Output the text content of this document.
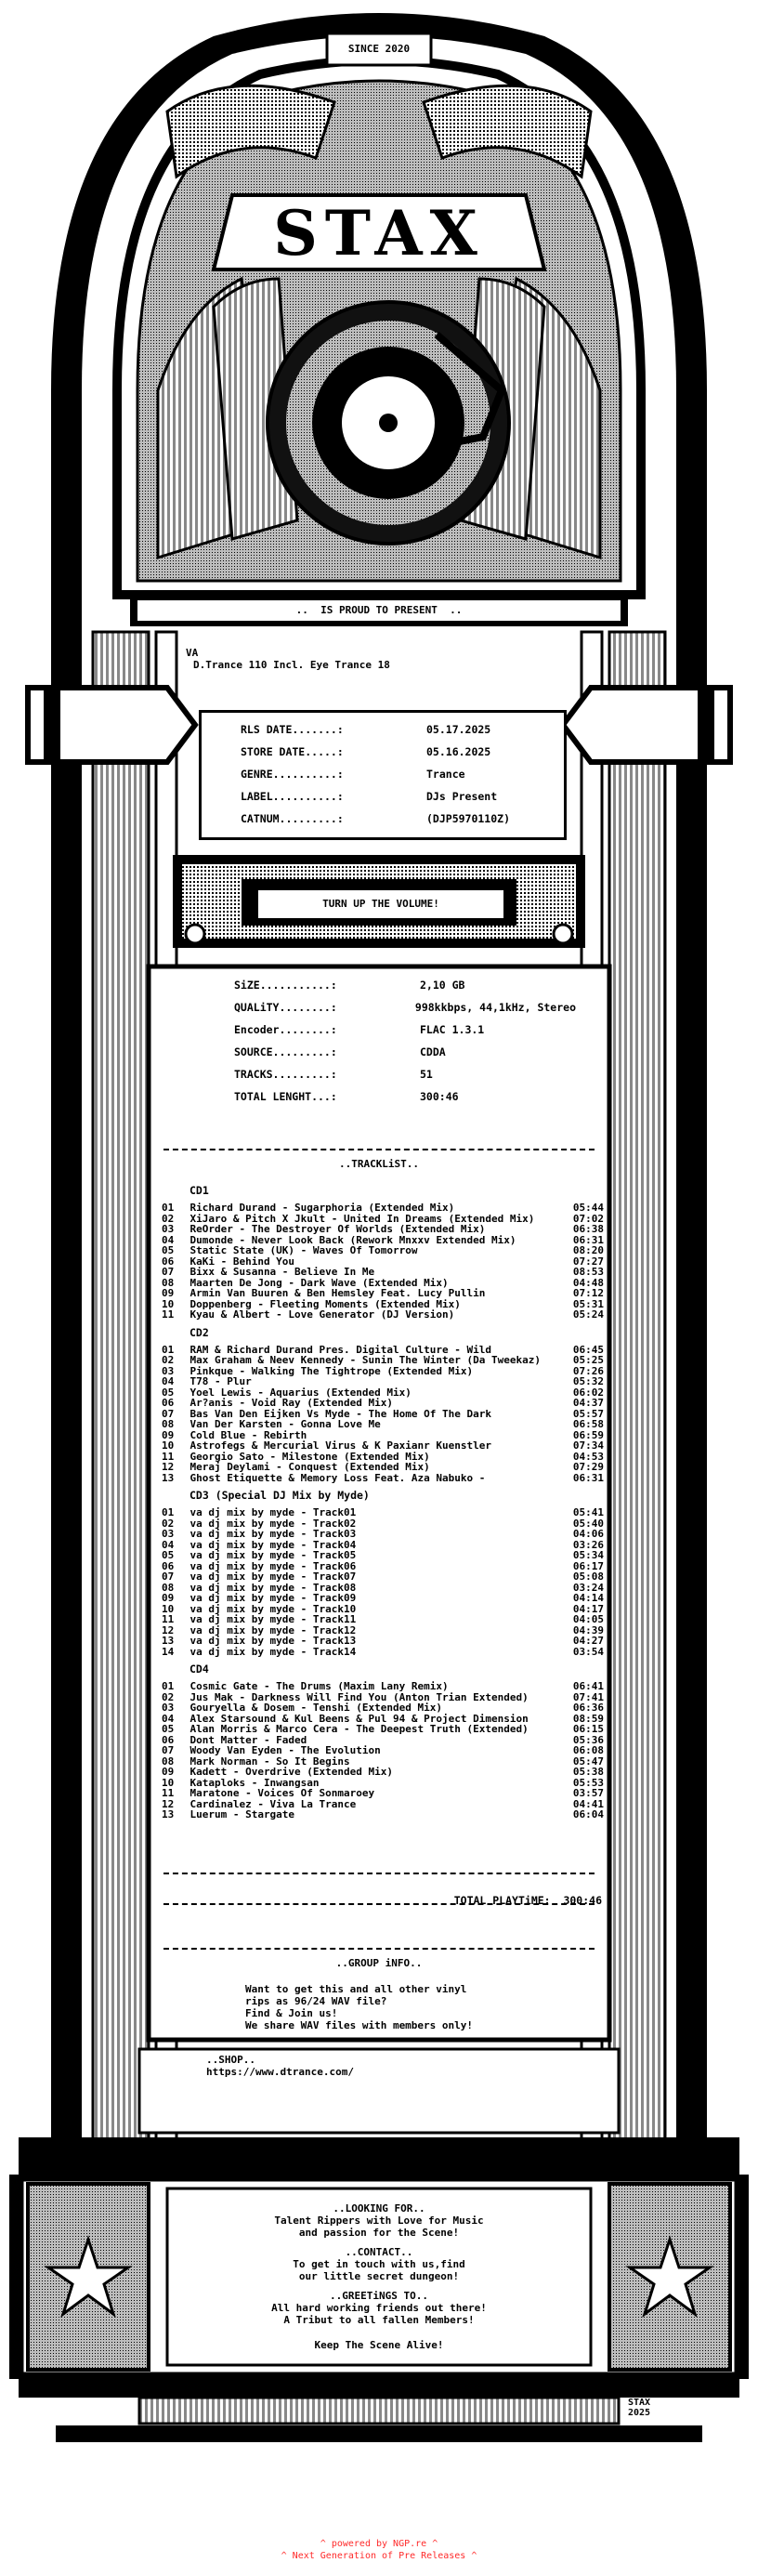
SINCE 2020
STAX
..  IS PROUD TO PRESENT  ..
VA
D.Trance 110 Incl. Eye Trance 18
RLS DATE.......:	05.17.2025
STORE DATE.....:	05.16.2025
GENRE..........:	Trance
LABEL..........:	DJs Present
CATNUM.........:	(DJP5970110Z)
TURN UP THE VOLUME!
SiZE...........:	2,10 GB
QUALiTY........:	998kkbps, 44,1kHz, Stereo
Encoder........:	FLAC 1.3.1
SOURCE.........:	CDDA
TRACKS.........:	51
TOTAL LENGHT...:	300:46
..TRACKLiST..
CD1
01	Richard Durand - Sugarphoria (Extended Mix)	05:44
02	XiJaro & Pitch X Jkult - United In Dreams (Extended Mix)	07:02
03	ReOrder - The Destroyer Of Worlds (Extended Mix)	06:38
04	Dumonde - Never Look Back (Rework Mnxxv Extended Mix)	06:31
05	Static State (UK) - Waves Of Tomorrow	08:20
06	KaKi - Behind You	07:27
07	Bixx & Susanna - Believe In Me	08:53
08	Maarten De Jong - Dark Wave (Extended Mix)	04:48
09	Armin Van Buuren & Ben Hemsley Feat. Lucy Pullin	07:12
10	Doppenberg - Fleeting Moments (Extended Mix)	05:31
11	Kyau & Albert - Love Generator (DJ Version)	05:24
CD2
01	RAM & Richard Durand Pres. Digital Culture - Wild	06:45
02	Max Graham & Neev Kennedy - Sunin The Winter (Da Tweekaz)	05:25
03	Pinkque - Walking The Tightrope (Extended Mix)	07:26
04	T78 - Plur	05:32
05	Yoel Lewis - Aquarius (Extended Mix)	06:02
06	Ar?anis - Void Ray (Extended Mix)	04:37
07	Bas Van Den Eijken Vs Myde - The Home Of The Dark	05:57
08	Van Der Karsten - Gonna Love Me	06:58
09	Cold Blue - Rebirth	06:59
10	Astrofegs & Mercurial Virus & K Paxianr Kuenstler	07:34
11	Georgio Sato - Milestone (Extended Mix)	04:53
12	Meraj Deylami - Conquest (Extended Mix)	07:29
13	Ghost Etiquette & Memory Loss Feat. Aza Nabuko -	06:31
CD3 (Special DJ Mix by Myde)
01	va dj mix by myde - Track01	05:41
02	va dj mix by myde - Track02	05:40
03	va dj mix by myde - Track03	04:06
04	va dj mix by myde - Track04	03:26
05	va dj mix by myde - Track05	05:34
06	va dj mix by myde - Track06	06:17
07	va dj mix by myde - Track07	05:08
08	va dj mix by myde - Track08	03:24
09	va dj mix by myde - Track09	04:14
10	va dj mix by myde - Track10	04:17
11	va dj mix by myde - Track11	04:05
12	va dj mix by myde - Track12	04:39
13	va dj mix by myde - Track13	04:27
14	va dj mix by myde - Track14	03:54
CD4
01	Cosmic Gate - The Drums (Maxim Lany Remix)	06:41
02	Jus Mak - Darkness Will Find You (Anton Trian Extended)	07:41
03	Gouryella & Dosem - Tenshi (Extended Mix)	06:36
04	Alex Starsound & Kul Beens & Pul 94 & Project Dimension	08:59
05	Alan Morris & Marco Cera - The Deepest Truth (Extended)	06:15
06	Dont Matter - Faded	05:36
07	Woody Van Eyden - The Evolution	06:08
08	Mark Norman - So It Begins	05:47
09	Kadett - Overdrive (Extended Mix)	05:38
10	Kataploks - Inwangsan	05:53
11	Maratone - Voices Of Sonmaroey	03:57
12	Cardinalez - Viva La Trance	04:41
13	Luerum - Stargate	06:04

TOTAL PLAYTiME: 300:46

..GROUP iNFO..
Want to get this and all other vinyl
rips as 96/24 WAV file?
Find & Join us!
We share WAV files with members only!
..SHOP..
https://www.dtrance.com/
..LOOKING FOR..
Talent Rippers with Love for Music
and passion for the Scene!
..CONTACT..
To get in touch with us,find
our little secret dungeon!
..GREETiNGS TO..
All hard working friends out there!
A Tribut to all fallen Members!
Keep The Scene Alive!
STAX
2025
^ powered by NGP.re ^
^ Next Generation of Pre Releases ^
